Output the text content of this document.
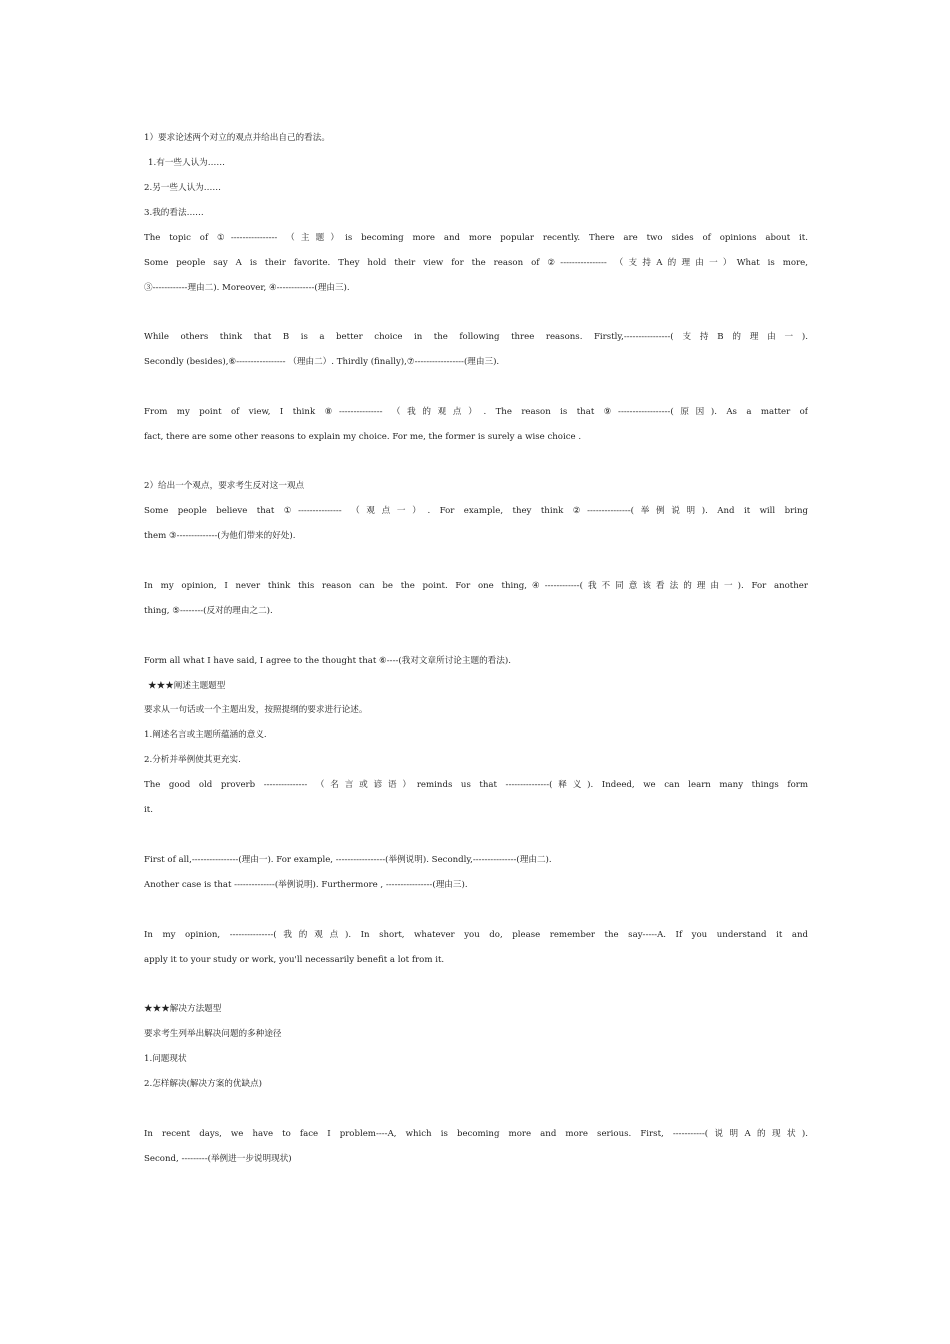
1）要求论述两个对立的观点并给出自己的看法。
1.有一些人认为……
2.另一些人认为……
3.我的看法……
The topic of ①---------------- （主题）is becoming more and more popular recently. There are two sides of opinions about it.
Some people say A is their favorite. They hold their view for the reason of ②---------------- （支持A的理由一）What is more,
③------------理由二). Moreover, ④-------------(理由三).
While others think that B is a better choice in the following three reasons. Firstly,----------------(支持B的理由一).
Secondly (besides),⑥----------------- （理由二）. Thirdly (finally),⑦-----------------(理由三).
From my point of view, I think ⑧--------------- （我的观点）. The reason is that ⑨------------------(原因). As a matter of
fact, there are some other reasons to explain my choice. For me, the former is surely a wise choice .
2）给出一个观点，要求考生反对这一观点
Some people believe that ①--------------- （观点一）. For example, they think ②---------------(举例说明). And it will bring
them ③--------------(为他们带来的好处).
In my opinion, I never think this reason can be the point. For one thing,④------------(我不同意该看法的理由一). For another
thing, ⑤--------(反对的理由之二).
Form all what I have said, I agree to the thought that ⑥----(我对文章所讨论主题的看法).
★★★阐述主题题型
要求从一句话或一个主题出发，按照提纲的要求进行论述。
1.阐述名言或主题所蕴涵的意义.
2.分析并举例使其更充实.
The good old proverb --------------- （名言或谚语）reminds us that ---------------(释义). Indeed, we can learn many things form
it.
First of all,----------------(理由一). For example, -----------------(举例说明). Secondly,---------------(理由二).
Another case is that --------------(举例说明). Furthermore , ----------------(理由三).
In my opinion, ---------------(我的观点). In short, whatever you do, please remember the say-----A. If you understand it and
apply it to your study or work, you'll necessarily benefit a lot from it.
★★★解决方法题型
要求考生列举出解决问题的多种途径
1.问题现状
2.怎样解决(解决方案的优缺点)
In recent days, we have to face I problem----A, which is becoming more and more serious. First, -----------(说明A的现状).
Second, ---------(举例进一步说明现状)
